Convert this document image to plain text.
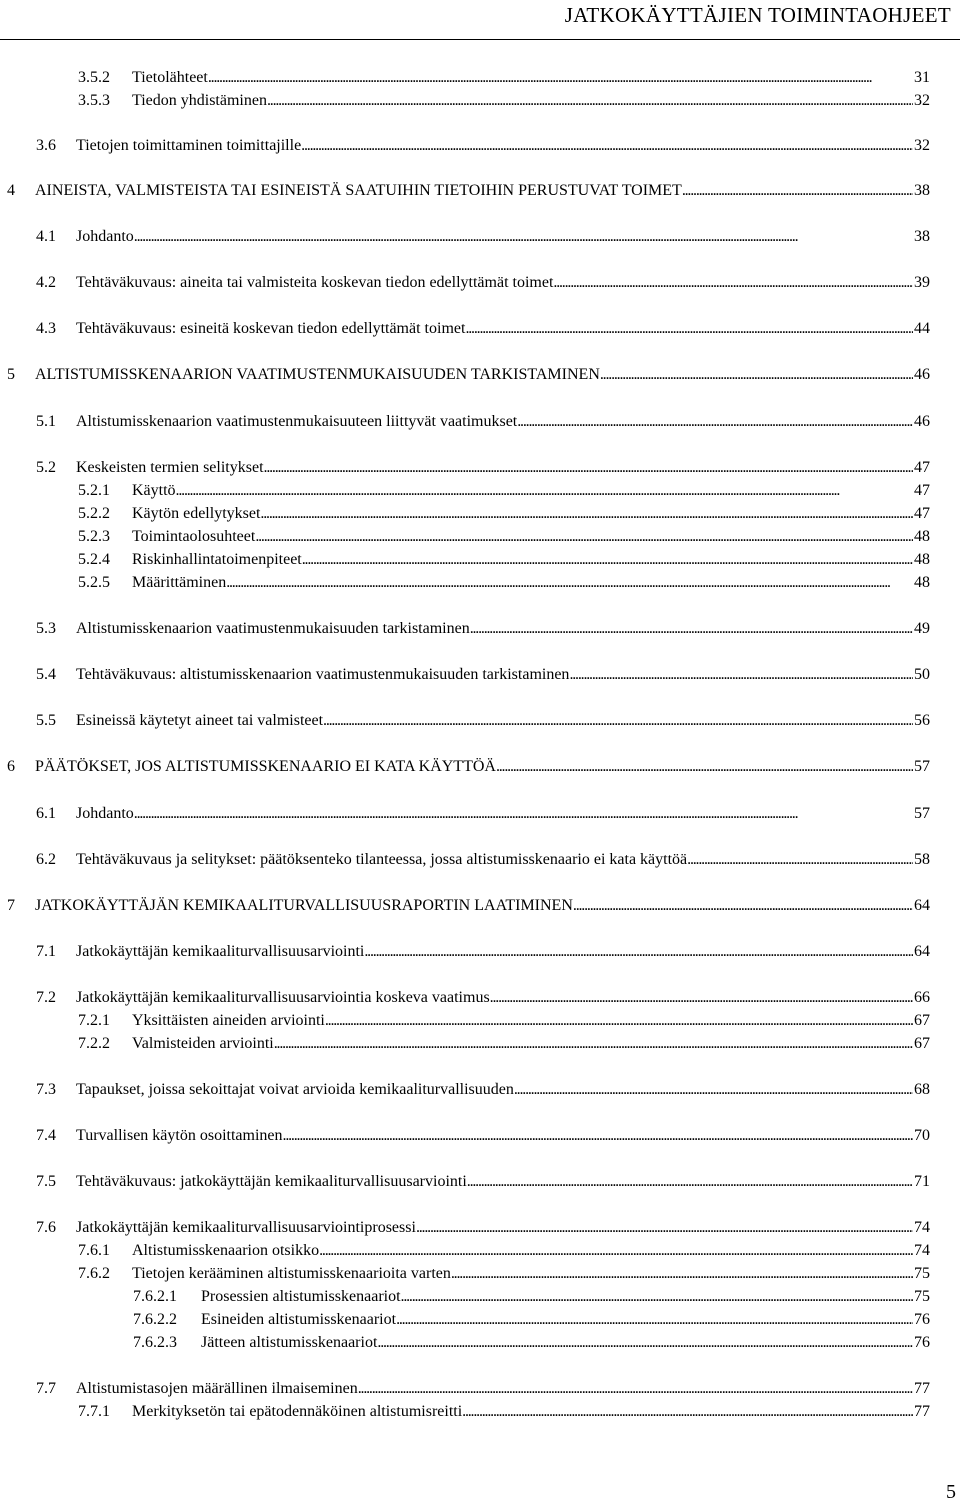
JATKOKÄYTTÄJIEN TOIMINTAOHJEET
3.5.2 Tietolähteet . . .	31
3.5.3 Tiedon yhdistäminen . . .	32
3.6 Tietojen toimittaminen toimittajille . . .	32
4 AINEISTA, VALMISTEISTA TAI ESINEISTÄ SAATUIHIN TIETOIHIN PERUSTUVAT TOIMET . . .	38
4.1 Johdanto . . .	38
4.2 Tehtäväkuvaus: aineita tai valmisteita koskevan tiedon edellyttämät toimet . . .	39
4.3 Tehtäväkuvaus: esineitä koskevan tiedon edellyttämät toimet . . .	44
5 ALTISTUMISSKENAARION VAATIMUSTENMUKAISUUDEN TARKISTAMINEN . . .	46
5.1 Altistumisskenaarion vaatimustenmukaisuuteen liittyvät vaatimukset . . .	46
5.2 Keskeisten termien selitykset . . .	47
5.2.1 Käyttö . . .	47
5.2.2 Käytön edellytykset . . .	47
5.2.3 Toimintaolosuhteet . . .	48
5.2.4 Riskinhallintatoimenpiteet . . .	48
5.2.5 Määrittäminen . . .	48
5.3 Altistumisskenaarion vaatimustenmukaisuuden tarkistaminen . . .	49
5.4 Tehtäväkuvaus: altistumisskenaarion vaatimustenmukaisuuden tarkistaminen . . .	50
5.5 Esineissä käytetyt aineet tai valmisteet . . .	56
6 PÄÄTÖKSET, JOS ALTISTUMISSKENAARIO EI KATA KÄYTTÖÄ . . .	57
6.1 Johdanto . . .	57
6.2 Tehtäväkuvaus ja selitykset: päätöksenteko tilanteessa, jossa altistumisskenaario ei kata käyttöä . . .	58
7 JATKOKÄYTTÄJÄN KEMIKAALITURVALLISUUSRAPORTIN LAATIMINEN . . .	64
7.1 Jatkokäyttäjän kemikaaliturvallisuusarviointi . . .	64
7.2 Jatkokäyttäjän kemikaaliturvallisuusarviointia koskeva vaatimus . . .	66
7.2.1 Yksittäisten aineiden arviointi . . .	67
7.2.2 Valmisteiden arviointi . . .	67
7.3 Tapaukset, joissa sekoittajat voivat arvioida kemikaaliturvallisuuden . . .	68
7.4 Turvallisen käytön osoittaminen . . .	70
7.5 Tehtäväkuvaus: jatkokäyttäjän kemikaaliturvallisuusarviointi . . .	71
7.6 Jatkokäyttäjän kemikaaliturvallisuusarviointiprosessi . . .	74
7.6.1 Altistumisskenaarion otsikko . . .	74
7.6.2 Tietojen kerääminen altistumisskenaarioita varten . . .	75
7.6.2.1 Prosessien altistumisskenaariot . . .	75
7.6.2.2 Esineiden altistumisskenaariot . . .	76
7.6.2.3 Jätteen altistumisskenaariot . . .	76
7.7 Altistumistasojen määrällinen ilmaiseminen . . .	77
7.7.1 Merkityksetön tai epätodennäköinen altistumisreitti . . .	77
5
